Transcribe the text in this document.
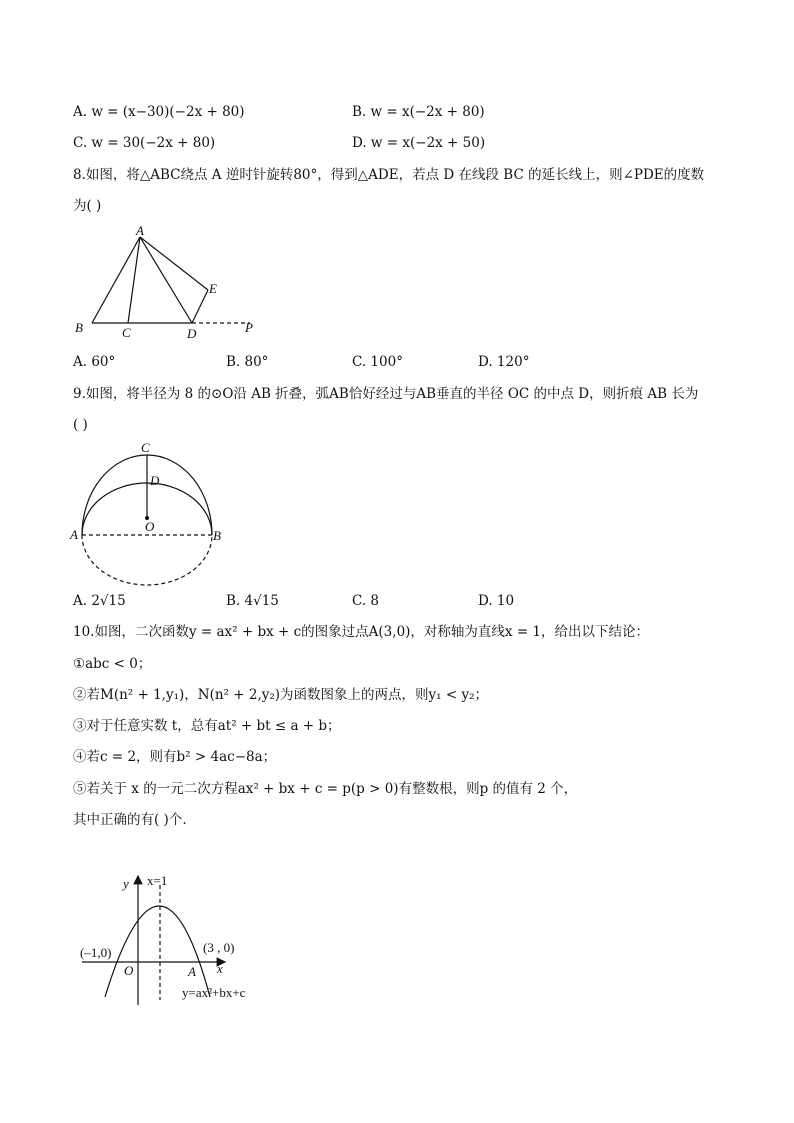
A. w = (x−30)(−2x + 80)	B. w = x(−2x + 80)
C. w = 30(−2x + 80)	D. w = x(−2x + 50)
8.如图，将△ABC绕点 A 逆时针旋转80°，得到△ADE，若点 D 在线段 BC 的延长线上，则∠PDE的度数
为( )
A
B	C	D
E
P
A. 60°	B. 80°	C. 100°	D. 120°
9.如图，将半径为 8 的⊙O沿 AB 折叠，弧AB恰好经过与AB垂直的半径 OC 的中点 D，则折痕 AB 长为
( )
C
D
O
A	B
A. 2√15	B. 4√15	C. 8	D. 10
10.如图，二次函数y = ax² + bx + c的图象过点A(3,0)，对称轴为直线x = 1，给出以下结论：
①abc < 0；
②若M(n² + 1,y₁)，N(n² + 2,y₂)为函数图象上的两点，则y₁ < y₂；
③对于任意实数 t，总有at² + bt ≤ a + b；
④若c = 2，则有b² > 4ac−8a；
⑤若关于 x 的一元二次方程ax² + bx + c = p(p > 0)有整数根，则p 的值有 2 个，
其中正确的有( )个.
y x=1
(–1,0)	(3 , 0)
O	A x
y=ax²+bx+c
